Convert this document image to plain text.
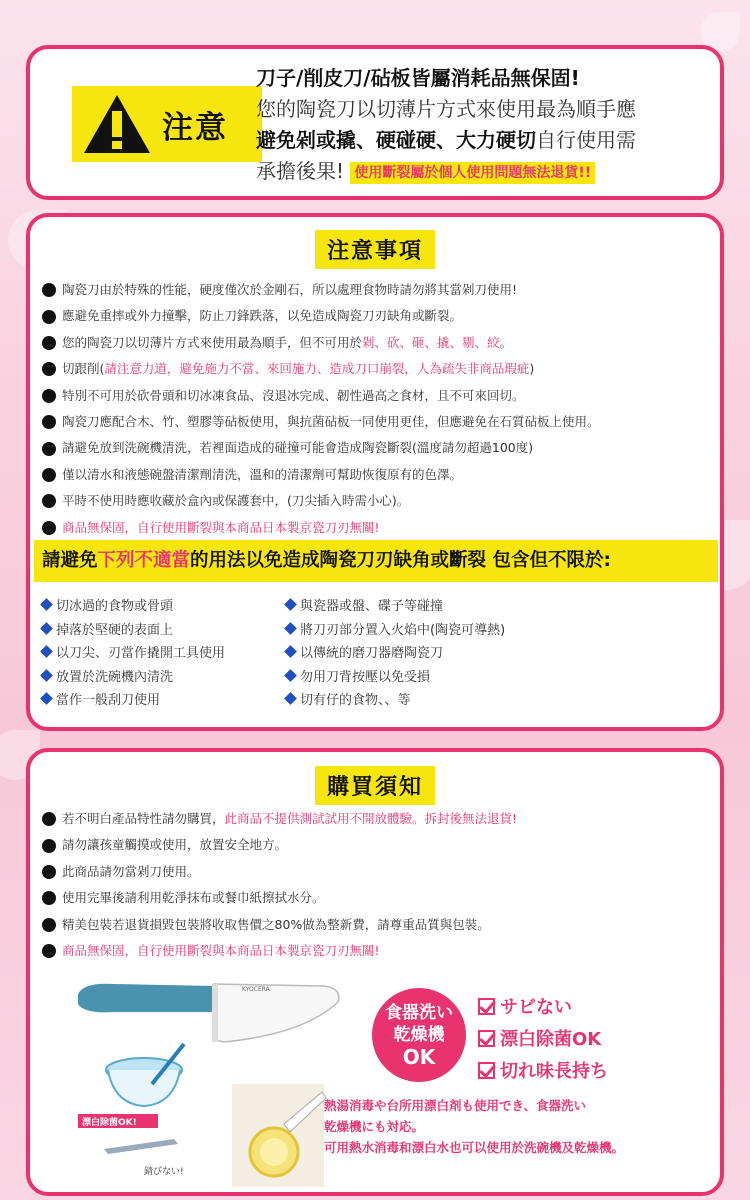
注意
刀子/削皮刀/砧板皆屬消耗品無保固!
您的陶瓷刀以切薄片方式來使用最為順手應
避免剁或撬、硬碰硬、大力硬切自行使用需
承擔後果! 使用斷裂屬於個人使用問題無法退貨!!
注意事項
陶瓷刀由於特殊的性能，硬度僅次於金剛石，所以處理食物時請勿將其當剁刀使用!
應避免重摔或外力撞擊，防止刀鋒跌落，以免造成陶瓷刀刃缺角或斷裂。
您的陶瓷刀以切薄片方式來使用最為順手，但不可用於 剁、砍、砸、撬、剔、絞 。
切跟削( 請注意力道，避免施力不當、來回施力、造成刀口崩裂，人為疏失非商品瑕疵 )
特別不可用於砍骨頭和切冰凍食品、沒退冰完成、韌性過高之食材，且不可來回切。
陶瓷刀應配合木、竹、塑膠等砧板使用，與抗菌砧板一同使用更佳，但應避免在石質砧板上使用。
請避免放到洗碗機清洗，若裡面造成的碰撞可能會造成陶瓷斷裂(溫度請勿超過100度)
僅以清水和液態碗盤清潔劑清洗，溫和的清潔劑可幫助恢復原有的色澤。
平時不使用時應收藏於盒內或保護套中，(刀尖插入時需小心)。
商品無保固，自行使用斷裂與本商品日本製京瓷刀刃無關!
請避免下列不適當的用法以免造成陶瓷刀刃缺角或斷裂 包含但不限於:
切冰過的食物或骨頭
掉落於堅硬的表面上
以刀尖、刃當作撬開工具使用
放置於洗碗機內清洗
當作一般刮刀使用
與瓷器或盤、碟子等碰撞
將刀刃部分置入火焰中(陶瓷可導熱)
以傳統的磨刀器磨陶瓷刀
勿用刀背按壓以免受損
切有仔的食物、、等
購買須知
若不明白產品特性請勿購買， 此商品不提供測試試用不開放體驗。拆封後無法退貨!
請勿讓孩童觸摸或使用，放置安全地方。
此商品請勿當剁刀使用。
使用完畢後請利用乾淨抹布或餐巾紙擦拭水分。
精美包裝若退貨損毀包裝將收取售價之80%做為整新費，請尊重品質與包裝。
商品無保固，自行使用斷裂與本商品日本製京瓷刀刃無關!
KYOCERA
漂白除菌OK!
錆びない!
食器洗い
乾燥機
OK
サビない
漂白除菌OK
切れ味長持ち
熱湯消毒や台所用漂白剤も使用でき、食器洗い
乾燥機にも対応。
可用熱水消毒和漂白水也可以使用於洗碗機及乾燥機。
